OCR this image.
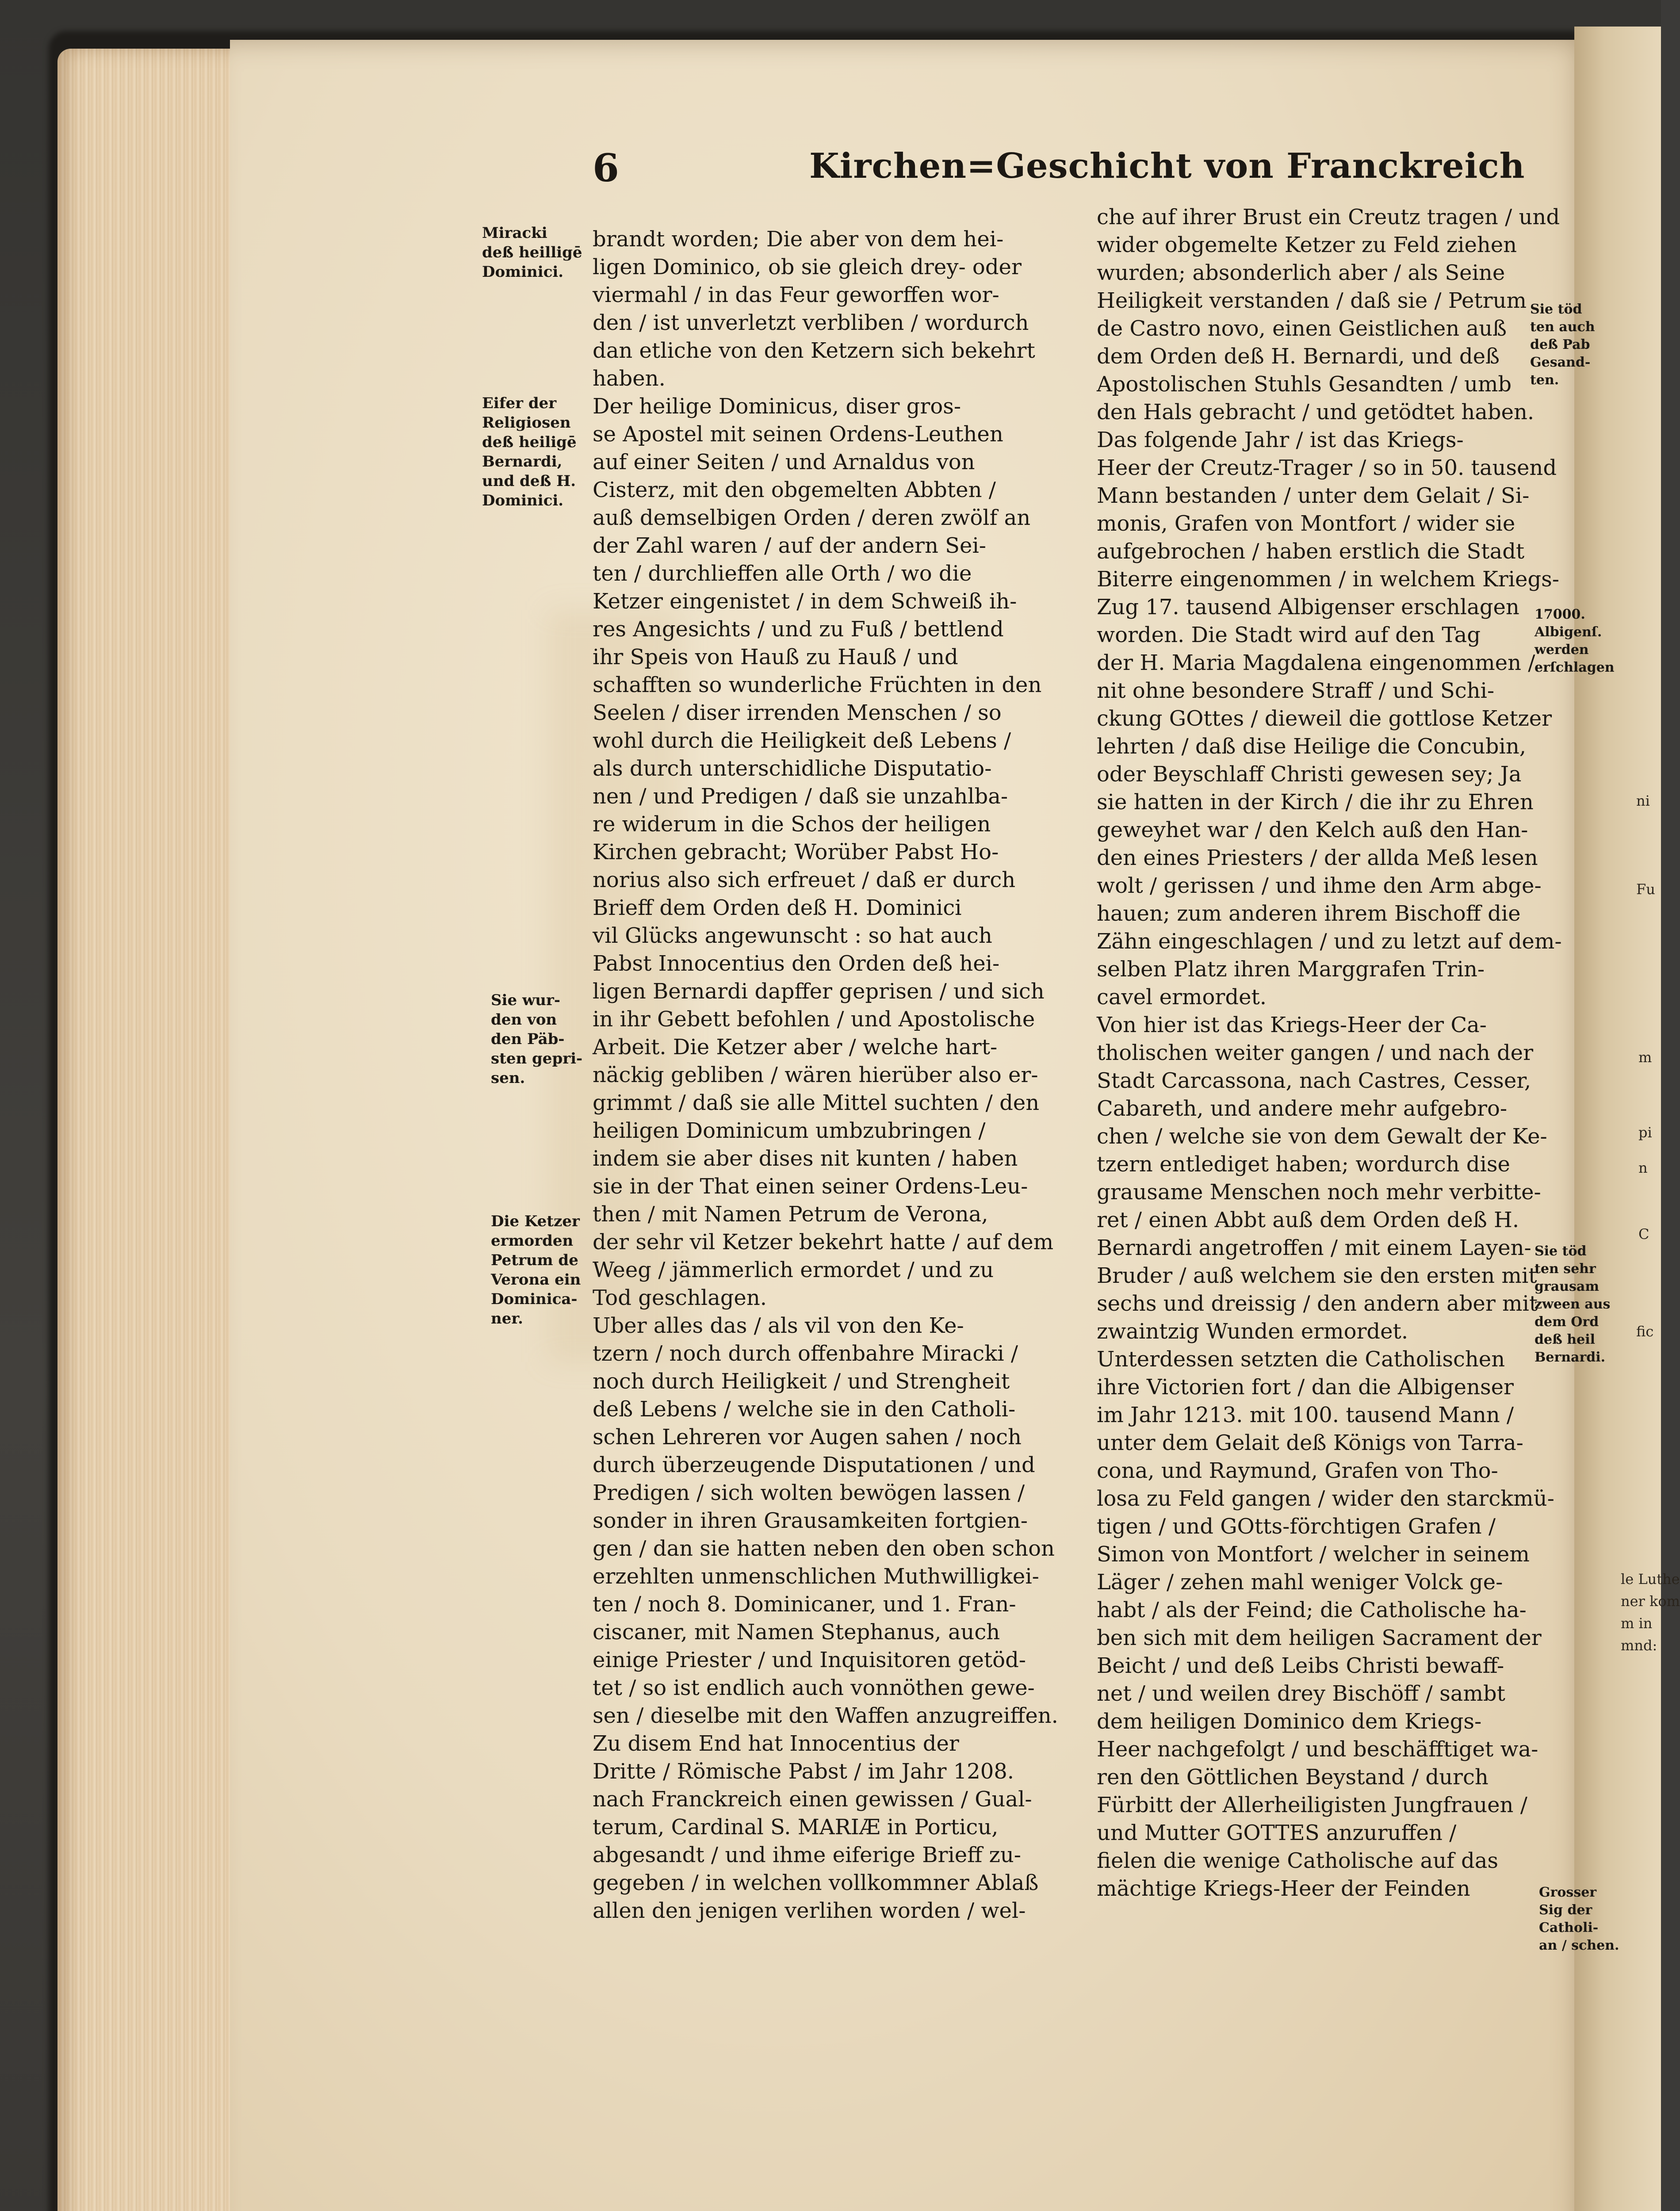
6	Kirchen=Geschicht von Franckreich
brandt worden; Die aber von dem hei-
ligen Dominico, ob sie gleich drey- oder
viermahl / in das Feur geworffen wor-
den / ist unverletzt verbliben / wordurch
dan etliche von den Ketzern sich bekehrt
haben.
Der heilige Dominicus, diser gros-
se Apostel mit seinen Ordens-Leuthen
auf einer Seiten / und Arnaldus von
Cisterz, mit den obgemelten Abbten /
auß demselbigen Orden / deren zwölf an
der Zahl waren / auf der andern Sei-
ten / durchlieffen alle Orth / wo die
Ketzer eingenistet / in dem Schweiß ih-
res Angesichts / und zu Fuß / bettlend
ihr Speis von Hauß zu Hauß / und
schafften so wunderliche Früchten in den
Seelen / diser irrenden Menschen / so
wohl durch die Heiligkeit deß Lebens /
als durch unterschidliche Disputatio-
nen / und Predigen / daß sie unzahlba-
re widerum in die Schos der heiligen
Kirchen gebracht; Worüber Pabst Ho-
norius also sich erfreuet / daß er durch
Brieff dem Orden deß H. Dominici
vil Glücks angewunscht : so hat auch
Pabst Innocentius den Orden deß hei-
ligen Bernardi dapffer geprisen / und sich
in ihr Gebett befohlen / und Apostolische
Arbeit. Die Ketzer aber / welche hart-
näckig gebliben / wären hierüber also er-
grimmt / daß sie alle Mittel suchten / den
heiligen Dominicum umbzubringen /
indem sie aber dises nit kunten / haben
sie in der That einen seiner Ordens-Leu-
then / mit Namen Petrum de Verona,
der sehr vil Ketzer bekehrt hatte / auf dem
Weeg / jämmerlich ermordet / und zu
Tod geschlagen.
Uber alles das / als vil von den Ke-
tzern / noch durch offenbahre Miracki /
noch durch Heiligkeit / und Strengheit
deß Lebens / welche sie in den Catholi-
schen Lehreren vor Augen sahen / noch
durch überzeugende Disputationen / und
Predigen / sich wolten bewögen lassen /
sonder in ihren Grausamkeiten fortgien-
gen / dan sie hatten neben den oben schon
erzehlten unmenschlichen Muthwilligkei-
ten / noch 8. Dominicaner, und 1. Fran-
ciscaner, mit Namen Stephanus, auch
einige Priester / und Inquisitoren getöd-
tet / so ist endlich auch vonnöthen gewe-
sen / dieselbe mit den Waffen anzugreiffen.
Zu disem End hat Innocentius der
Dritte / Römische Pabst / im Jahr 1208.
nach Franckreich einen gewissen / Gual-
terum, Cardinal S. MARIÆ in Porticu,
abgesandt / und ihme eiferige Brieff zu-
gegeben / in welchen vollkommner Ablaß
allen den jenigen verlihen worden / wel-
che auf ihrer Brust ein Creutz tragen / und
wider obgemelte Ketzer zu Feld ziehen
wurden; absonderlich aber / als Seine
Heiligkeit verstanden / daß sie / Petrum
de Castro novo, einen Geistlichen auß
dem Orden deß H. Bernardi, und deß
Apostolischen Stuhls Gesandten / umb
den Hals gebracht / und getödtet haben.
Das folgende Jahr / ist das Kriegs-
Heer der Creutz-Trager / so in 50. tausend
Mann bestanden / unter dem Gelait / Si-
monis, Grafen von Montfort / wider sie
aufgebrochen / haben erstlich die Stadt
Biterre eingenommen / in welchem Kriegs-
Zug 17. tausend Albigenser erschlagen
worden. Die Stadt wird auf den Tag
der H. Maria Magdalena eingenommen /
nit ohne besondere Straff / und Schi-
ckung GOttes / dieweil die gottlose Ketzer
lehrten / daß dise Heilige die Concubin,
oder Beyschlaff Christi gewesen sey; Ja
sie hatten in der Kirch / die ihr zu Ehren
geweyhet war / den Kelch auß den Han-
den eines Priesters / der allda Meß lesen
wolt / gerissen / und ihme den Arm abge-
hauen; zum anderen ihrem Bischoff die
Zähn eingeschlagen / und zu letzt auf dem-
selben Platz ihren Marggrafen Trin-
cavel ermordet.
Von hier ist das Kriegs-Heer der Ca-
tholischen weiter gangen / und nach der
Stadt Carcassona, nach Castres, Cesser,
Cabareth, und andere mehr aufgebro-
chen / welche sie von dem Gewalt der Ke-
tzern entlediget haben; wordurch dise
grausame Menschen noch mehr verbitte-
ret / einen Abbt auß dem Orden deß H.
Bernardi angetroffen / mit einem Layen-
Bruder / auß welchem sie den ersten mit
sechs und dreissig / den andern aber mit
zwaintzig Wunden ermordet.
Unterdessen setzten die Catholischen
ihre Victorien fort / dan die Albigenser
im Jahr 1213. mit 100. tausend Mann /
unter dem Gelait deß Königs von Tarra-
cona, und Raymund, Grafen von Tho-
losa zu Feld gangen / wider den starckmü-
tigen / und GOtts-förchtigen Grafen /
Simon von Montfort / welcher in seinem
Läger / zehen mahl weniger Volck ge-
habt / als der Feind; die Catholische ha-
ben sich mit dem heiligen Sacrament der
Beicht / und deß Leibs Christi bewaff-
net / und weilen drey Bischöff / sambt
dem heiligen Dominico dem Kriegs-
Heer nachgefolgt / und beschäfftiget wa-
ren den Göttlichen Beystand / durch
Fürbitt der Allerheiligisten Jungfrauen /
und Mutter GOTTES anzuruffen /
fielen die wenige Catholische auf das
mächtige Kriegs-Heer der Feinden
Miracki
deß heilligē
Dominici.
Eifer der
Religiosen
deß heiligē
Bernardi,
und deß H.
Dominici.
Sie wur-
den von
den Päb-
sten gepri-
sen.
Die Ketzer
ermorden
Petrum de
Verona ein
Dominica-
ner.
Sie töd
ten auch
deß Pab
Gesand-
ten.
17000.
Albigenſ.
werden
erſchlagen
Sie töd
ten sehr
grausam
zween aus
dem Ord
deß heil
Bernardi.
Grosser
Sig der
Catholi-
an / schen.
ni
Fu
m
pi
n
C
fic
le Luthe
ner kom
m in
mnd:
